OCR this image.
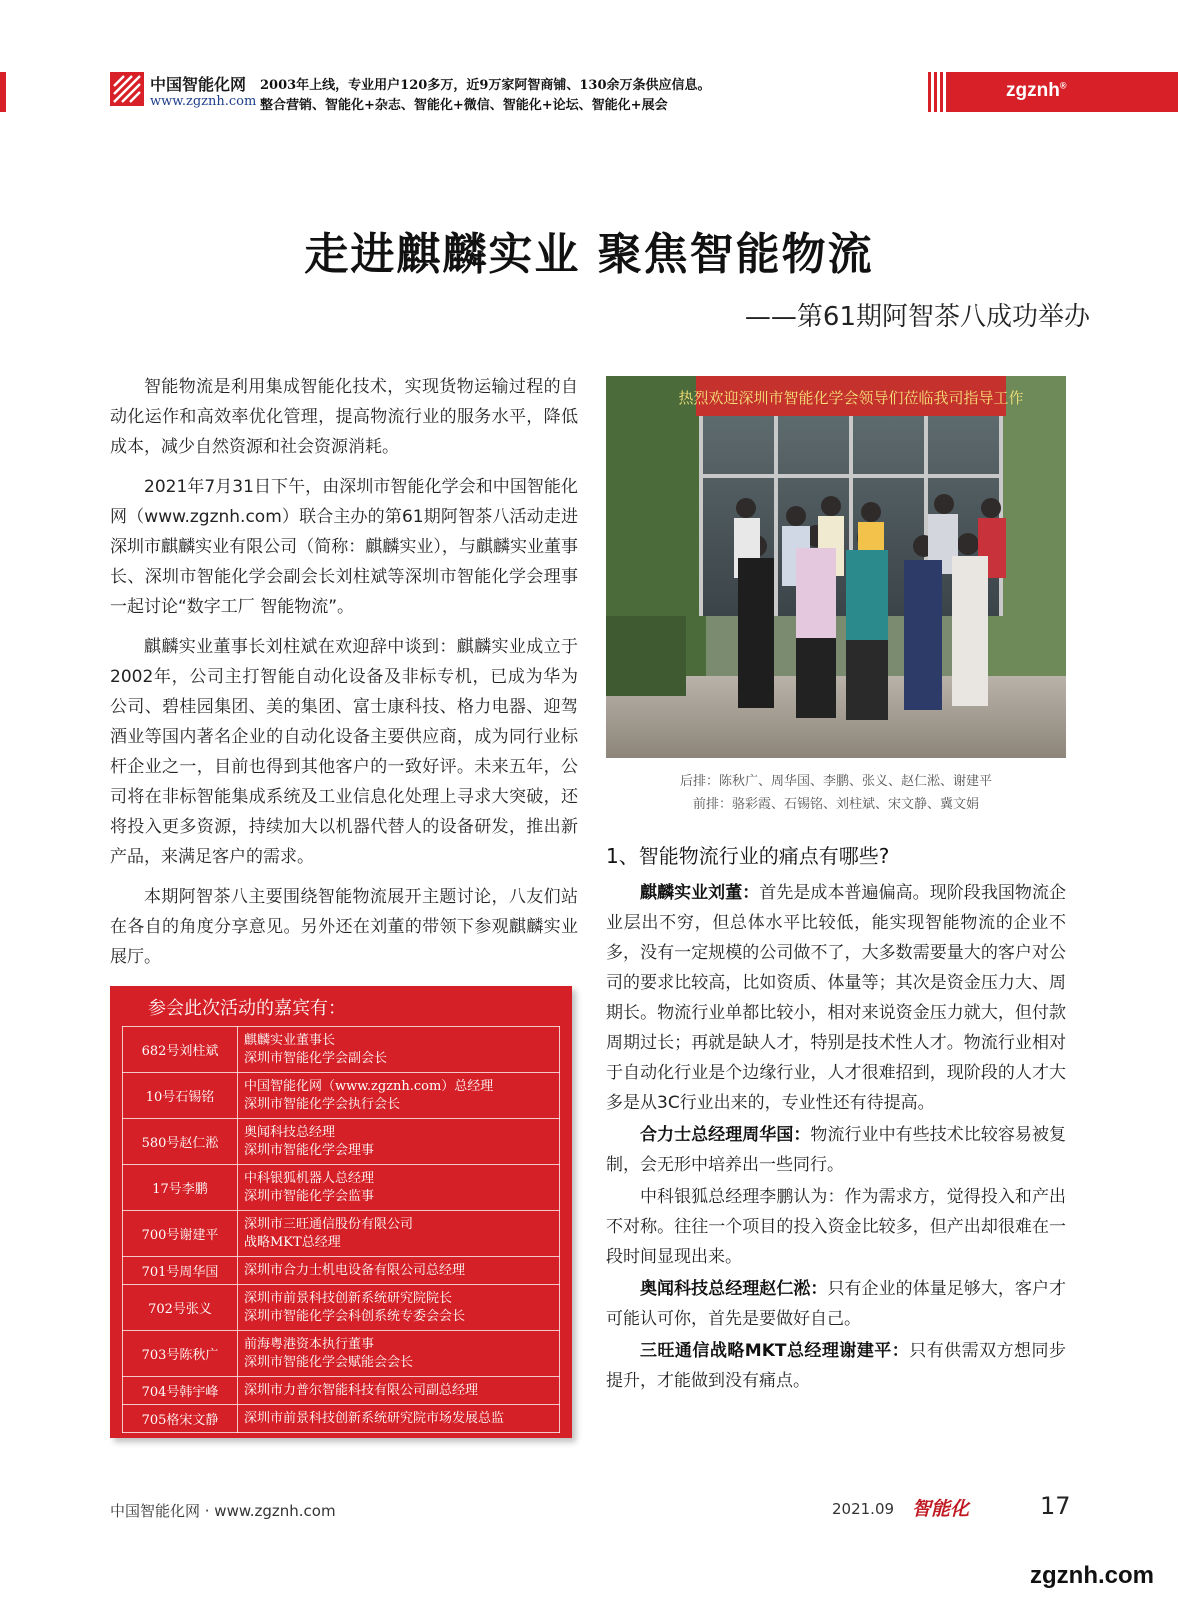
中国智能化网
www.zgznh.com
2003年上线，专业用户120多万，近9万家阿智商铺、130余万条供应信息。
整合营销、智能化+杂志、智能化+微信、智能化+论坛、智能化+展会
zgznh®
走进麒麟实业 聚焦智能物流
——第61期阿智茶八成功举办

智能物流是利用集成智能化技术，实现货物运输过程的自动化运作和高效率优化管理，提高物流行业的服务水平，降低成本，减少自然资源和社会资源消耗。

2021年7月31日下午，由深圳市智能化学会和中国智能化网（www.zgznh.com）联合主办的第61期阿智茶八活动走进深圳市麒麟实业有限公司（简称：麒麟实业），与麒麟实业董事长、深圳市智能化学会副会长刘柱斌等深圳市智能化学会理事一起讨论“数字工厂 智能物流”。

麒麟实业董事长刘柱斌在欢迎辞中谈到：麒麟实业成立于2002年，公司主打智能自动化设备及非标专机，已成为华为公司、碧桂园集团、美的集团、富士康科技、格力电器、迎驾酒业等国内著名企业的自动化设备主要供应商，成为同行业标杆企业之一，目前也得到其他客户的一致好评。未来五年，公司将在非标智能集成系统及工业信息化处理上寻求大突破，还将投入更多资源，持续加大以机器代替人的设备研发，推出新产品，来满足客户的需求。

本期阿智茶八主要围绕智能物流展开主题讨论，八友们站在各自的角度分享意见。另外还在刘董的带领下参观麒麟实业展厅。

参会此次活动的嘉宾有：
682号刘柱斌	麒麟实业董事长
深圳市智能化学会副会长

10号石锡铭	中国智能化网（www.zgznh.com）总经理
深圳市智能化学会执行会长

580号赵仁淞	奥闻科技总经理
深圳市智能化学会理事

17号李鹏	中科银狐机器人总经理
深圳市智能化学会监事

700号谢建平	深圳市三旺通信股份有限公司
战略MKT总经理

701号周华国	深圳市合力士机电设备有限公司总经理

702号张义	深圳市前景科技创新系统研究院院长
深圳市智能化学会科创系统专委会会长

703号陈秋广	前海粤港资本执行董事
深圳市智能化学会赋能会会长

704号韩宇峰	深圳市力普尔智能科技有限公司副总经理

705格宋文静	深圳市前景科技创新系统研究院市场发展总监
热烈欢迎深圳市智能化学会领导们莅临我司指导工作
后排：陈秋广、周华国、李鹏、张义、赵仁淞、谢建平
前排：骆彩霞、石锡铭、刘柱斌、宋文静、冀文娟
1、智能物流行业的痛点有哪些?

麒麟实业刘董：首先是成本普遍偏高。现阶段我国物流企业层出不穷，但总体水平比较低，能实现智能物流的企业不多，没有一定规模的公司做不了，大多数需要量大的客户对公司的要求比较高，比如资质、体量等；其次是资金压力大、周期长。物流行业单都比较小，相对来说资金压力就大，但付款周期过长；再就是缺人才，特别是技术性人才。物流行业相对于自动化行业是个边缘行业，人才很难招到，现阶段的人才大多是从3C行业出来的，专业性还有待提高。

合力士总经理周华国：物流行业中有些技术比较容易被复制，会无形中培养出一些同行。

中科银狐总经理李鹏认为：作为需求方，觉得投入和产出不对称。往往一个项目的投入资金比较多，但产出却很难在一段时间显现出来。

奥闻科技总经理赵仁淞：只有企业的体量足够大，客户才可能认可你，首先是要做好自己。

三旺通信战略MKT总经理谢建平：只有供需双方想同步提升，才能做到没有痛点。

中国智能化网 · www.zgznh.com	2021.09 智能化	17
zgznh.com
